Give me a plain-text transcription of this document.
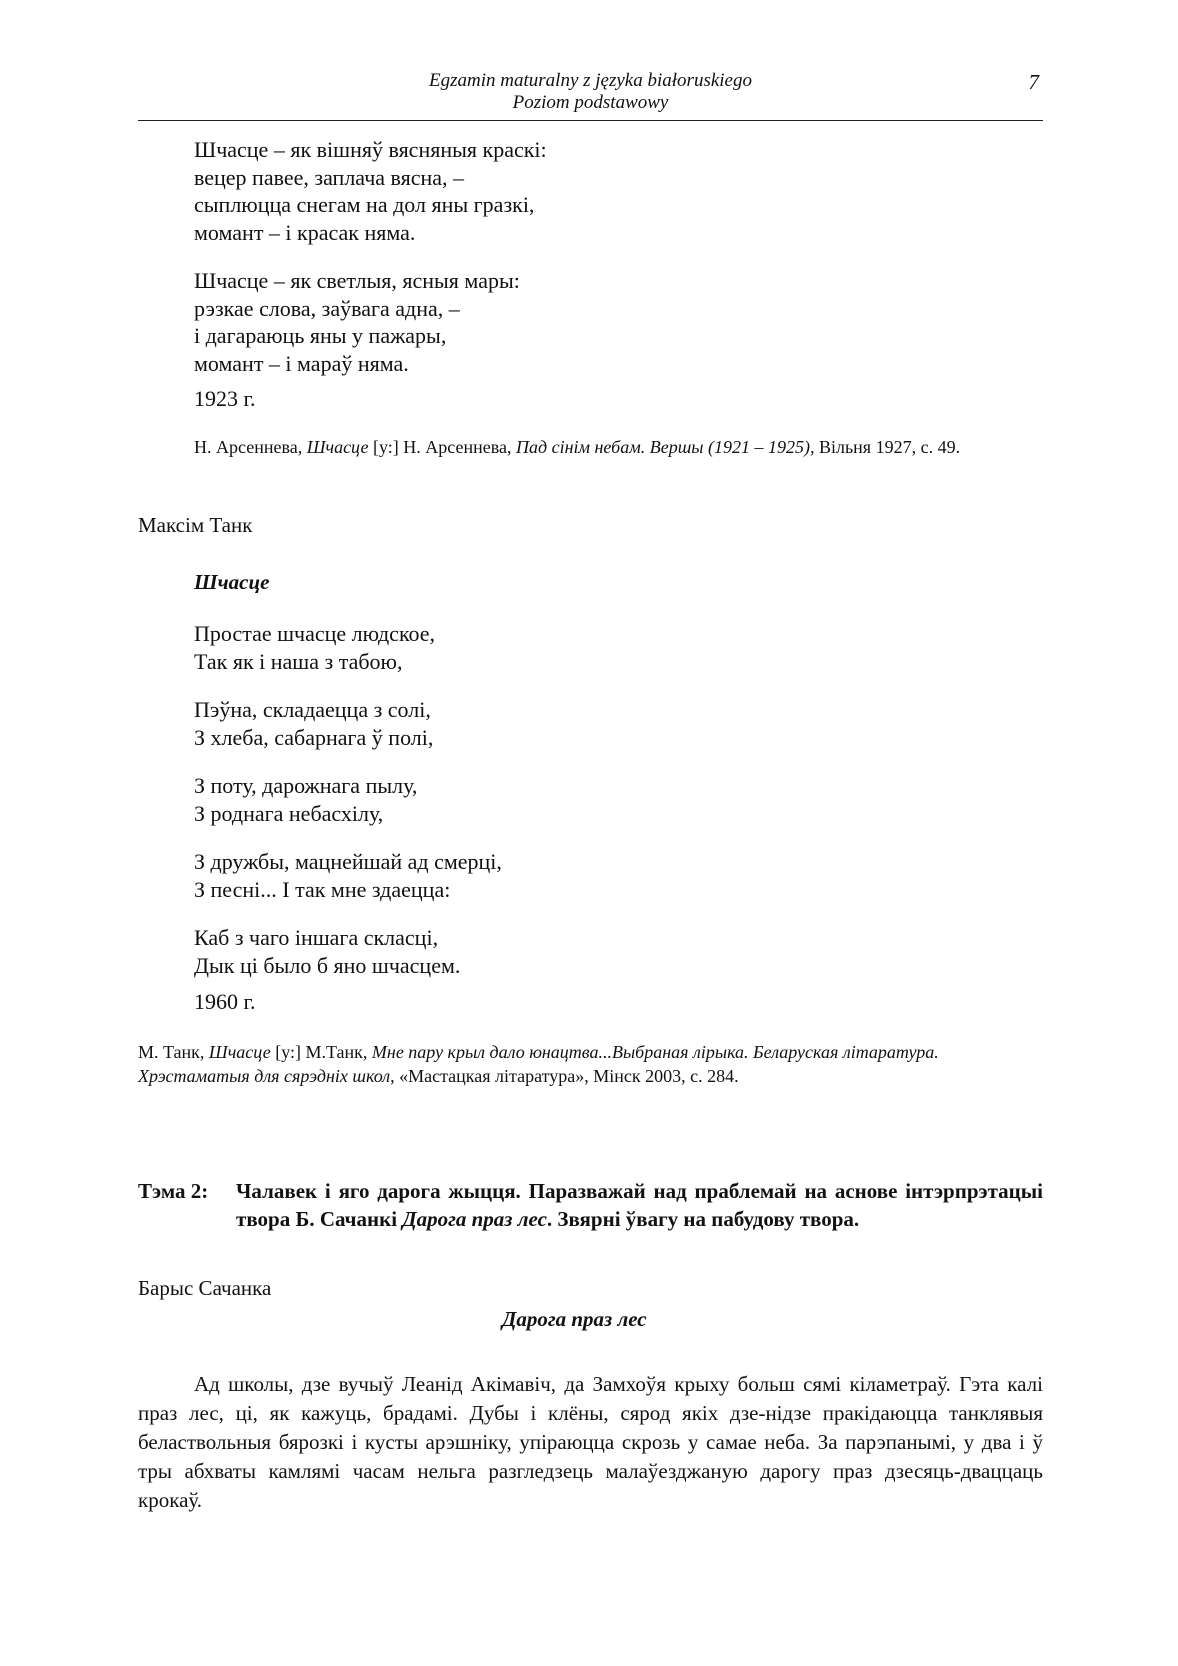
Egzamin maturalny z języka białoruskiego
Poziom podstawowy
7
Шчасце – як вішняў вясняныя краскі:
вецер павее, заплача вясна, –
сыплюцца снегам на дол яны гразкі,
момант – і красак няма.
Шчасце – як светлыя, ясныя мары:
рэзкае слова, заўвага адна, –
і дагараюць яны у пажары,
момант – і мараў няма.
1923 г.
Н. Арсеннева, Шчасце [у:] Н. Арсеннева, Пад сінім небам. Вершы (1921 – 1925), Вільня 1927, с. 49.
Максім Танк
Шчасце
Простае шчасце людское,
Так як і наша з табою,
Пэўна, складаецца з солі,
З хлеба, сабарнага ў полі,
З поту, дарожнага пылу,
З роднага небасхілу,
З дружбы, мацнейшай ад смерці,
З песні... І так мне здаецца:
Каб з чаго іншага скласці,
Дык ці было б яно шчасцем.
1960 г.
М. Танк, Шчасце [у:] М.Танк, Мне пару крыл дало юнацтва...Выбраная лірыка. Беларуская літаратура.
Хрэстаматыя для сярэдніх школ, «Мастацкая літаратура», Мінск 2003, с. 284.
Тэма 2: Чалавек і яго дарога жыцця. Паразважай над праблемай на аснове інтэрпрэтацыі твора Б. Сачанкі Дарога праз лес. Звярні ўвагу на пабудову твора.
Барыс Сачанка
Дарога праз лес
Ад школы, дзе вучыў Леанід Акімавіч, да Замхоўя крыху больш сямі кіламетраў. Гэта калі праз лес, ці, як кажуць, брадамі. Дубы і клёны, сярод якіх дзе-нідзе пракідаюцца танклявыя беластвольныя бярозкі і кусты арэшніку, упіраюцца скрозь у самае неба. За парэпанымі, у два і ў тры абхваты камлямі часам нельга разгледзець малаўезджаную дарогу праз дзесяць-дваццаць крокаў.
